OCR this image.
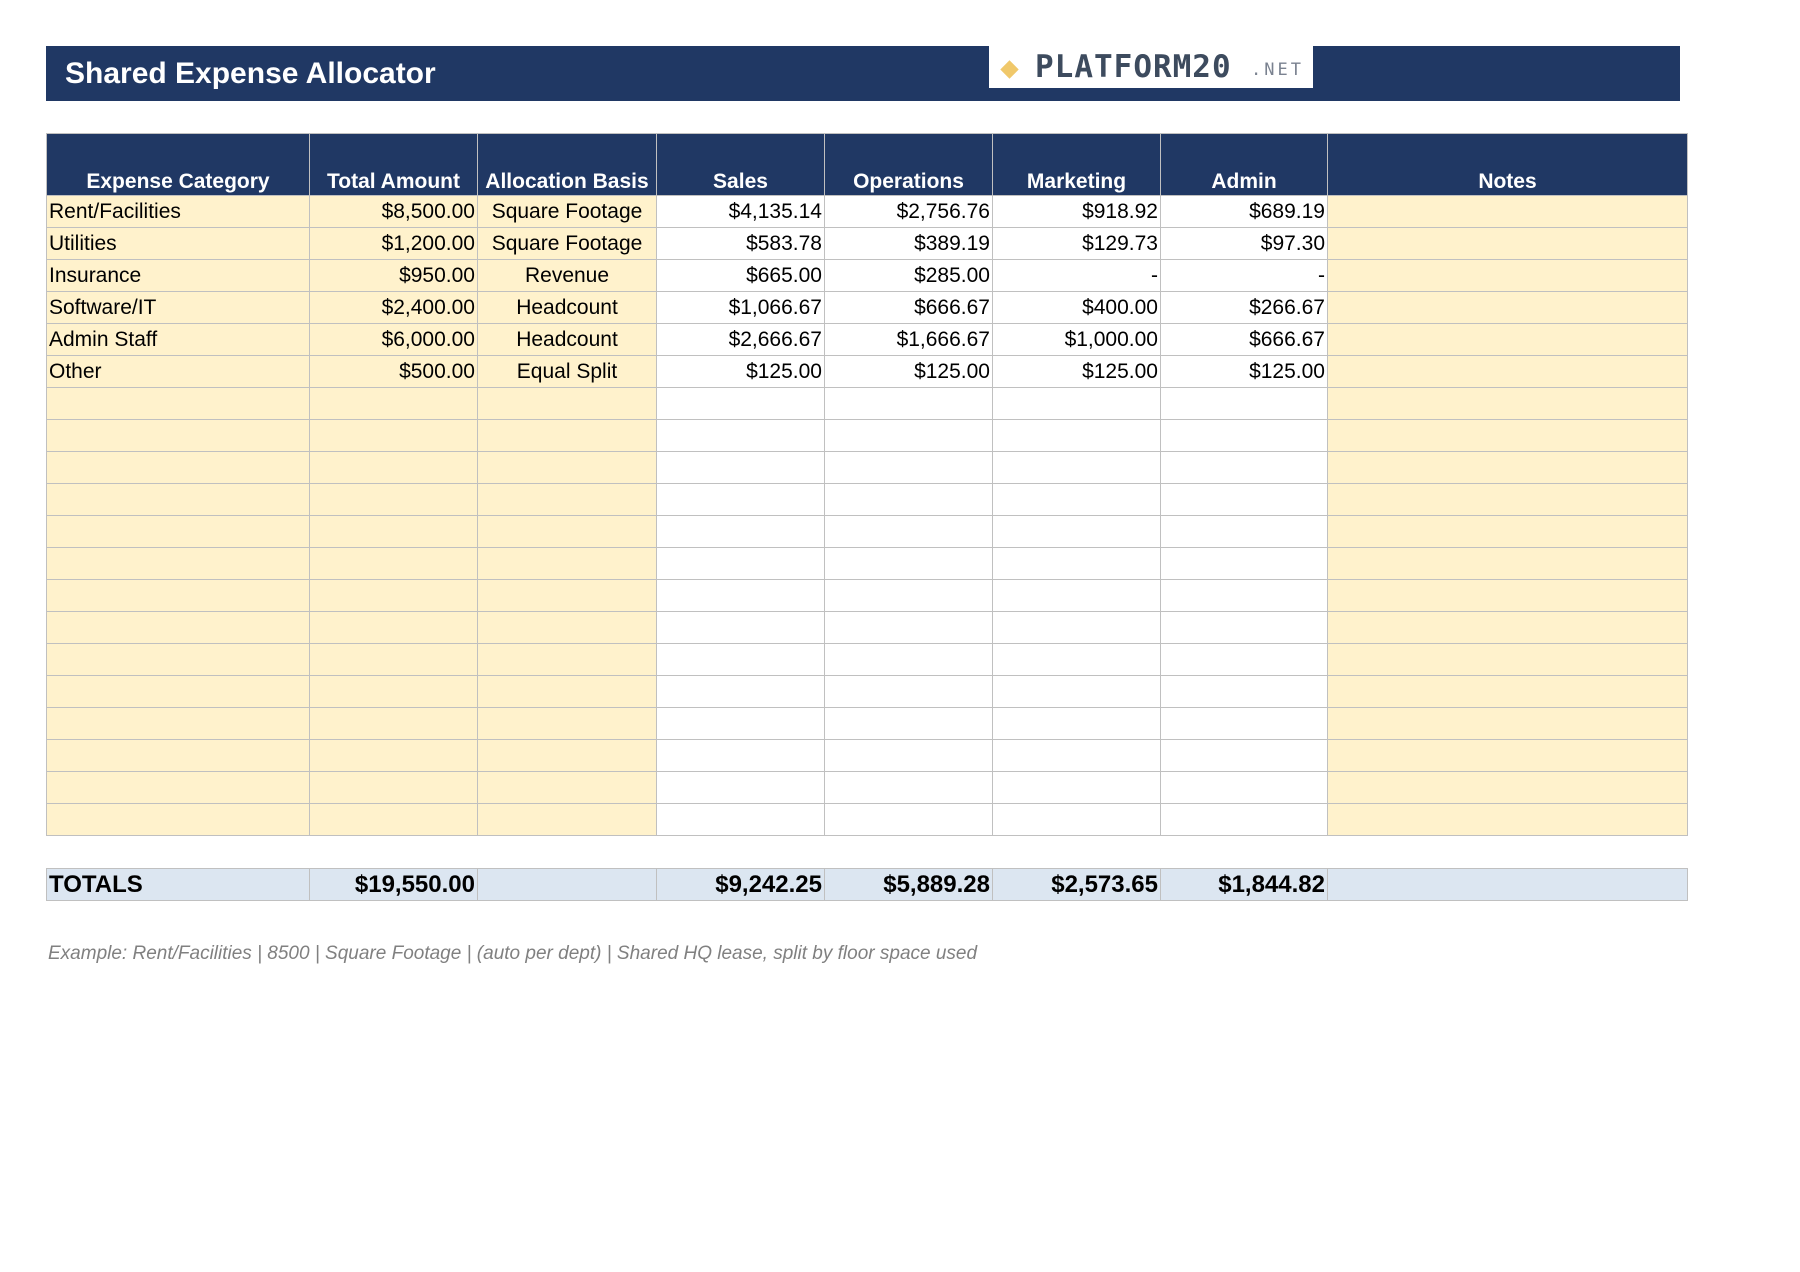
Shared Expense Allocator	PLATFORM20 .NET
Expense Category	Total Amount	Allocation Basis	Sales	Operations	Marketing	Admin	Notes
Rent/Facilities	$8,500.00	Square Footage	$4,135.14	$2,756.76	$918.92	$689.19	
Utilities	$1,200.00	Square Footage	$583.78	$389.19	$129.73	$97.30	
Insurance	$950.00	Revenue	$665.00	$285.00	-	-	
Software/IT	$2,400.00	Headcount	$1,066.67	$666.67	$400.00	$266.67	
Admin Staff	$6,000.00	Headcount	$2,666.67	$1,666.67	$1,000.00	$666.67	
Other	$500.00	Equal Split	$125.00	$125.00	$125.00	$125.00	

TOTALS	$19,550.00		$9,242.25	$5,889.28	$2,573.65	$1,844.82	
Example: Rent/Facilities | 8500 | Square Footage | (auto per dept) | Shared HQ lease, split by floor space used
